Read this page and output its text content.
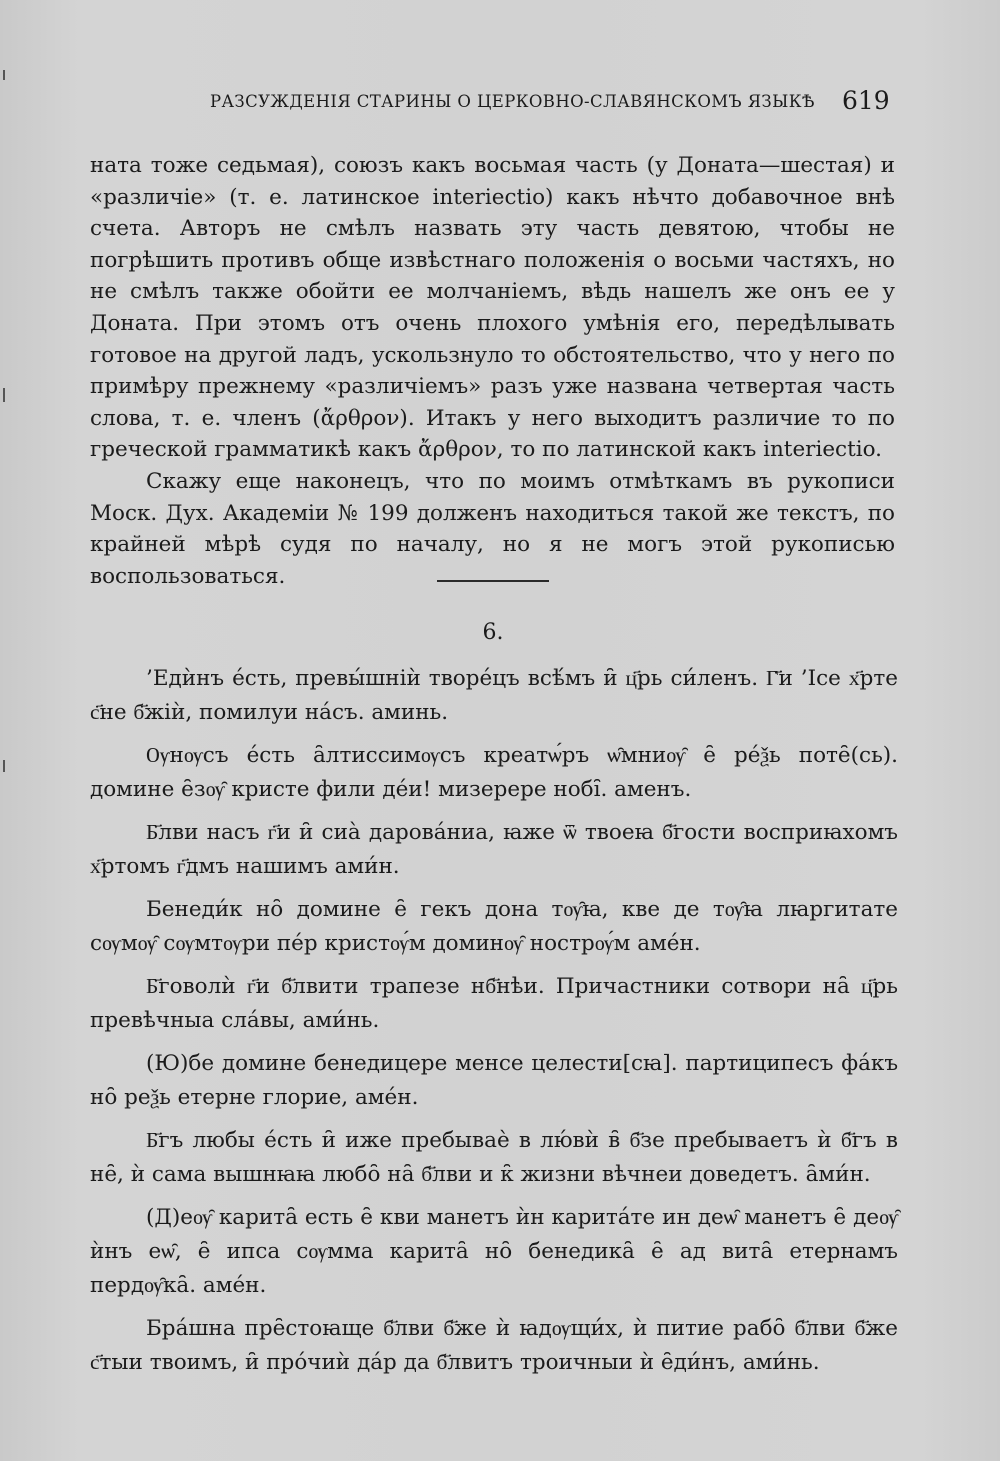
РАЗСУЖДЕНІЯ СТАРИНЫ О ЦЕРКОВНО-СЛАВЯНСКОМЪ ЯЗЫКѢ	619

ната тоже седьмая), союзъ какъ восьмая часть (у Доната—шестая) и «различіе» (т. е. латинское interiectio) какъ нѣчто добавочное внѣ счета. Авторъ не смѣлъ назвать эту часть девятою, чтобы не погрѣшить противъ обще извѣстнаго положенія о восьми частяхъ, но не смѣлъ также обойти ее молчаніемъ, вѣдь нашелъ же онъ ее у Доната. При этомъ отъ очень плохого умѣнія его, передѣлывать готовое на другой ладъ, ускользнуло то обстоятельство, что у него по примѣру прежнему «различіемъ» разъ уже названа четвертая часть слова, т. е. членъ (ἄρθρον). Итакъ у него выходитъ различие то по греческой грамматикѣ какъ ἄρθρον, то по латинской какъ interiectio.

Скажу еще наконецъ, что по моимъ отмѣткамъ въ рукописи Моск. Дух. Академіи № 199 долженъ находиться такой же текстъ, по крайней мѣрѣ судя по началу, но я не могъ этой рукописью воспользоваться.

6.

’Едѝнъ е́сть, превы́шніѝ творе́цъ всѣ́мъ и̑ ц҃рь си́ленъ. Г҃и ’Ісе х҃рте с҃не б҃жіѝ, помилуи на́съ. аминь.

Ѹнѹсъ е́сть а̑лтиссимѹсъ креатѡ́ръ ѡ̑мниѹ̑ е̑ ре́ѯь поте̑(сь). домине е̑зѹ̑ кристе фили де́и! мизерере нобі̑. аменъ.

Б҃лви насъ г҃и и̑ сиа̀ дарова́ниа, ꙗже ѿ твоеꙗ б҃гости восприꙗхомъ х҃ртомъ г҃дмъ нашимъ ами́н.

Бенеди́к но̑ домине е̑ гекъ дона тѹ̑ꙗ, кве де тѹ̑ꙗ лꙗргитате сѹмѹ̑ сѹмтѹри пе́р кристѹ́м доминѹ̑ нострѹ́м аме́н.

Б҃говолѝ г҃и б҃лвити трапезе нб҃нѣи. Причастники сотвори на̑ ц҃рь превѣчныа сла́вы, ами́нь.

(Ю)бе домине бенедицере менсе целести[сꙗ]. партиципесъ фа́къ но̑ реѯь етерне глорие, аме́н.

Б҃гъ любы е́сть и̑ иже пребываѐ в лю́вѝ в̑ б҃зе пребываетъ ѝ б҃гъ в не̑, ѝ сама вышнꙗꙗ любо̑ на̑ б҃лви и к̑ жизни вѣчнеи доведетъ. а̑ми́н.

(Д)еѹ̑ карита̑ есть е̑ кви манетъ ѝн карита́те ин деѡ̑ манетъ е̑ деѹ̑ ѝнъ еѡ̑, е̑ ипса сѹмма карита̑ но̑ бенедика̑ е̑ ад вита̑ етернамъ пердѹ̑ка̑. аме́н.

Бра́шна пре̑стоꙗще б҃лви б҃же ѝ ꙗдѹщи́х, ѝ питие рабо̑ б҃лви б҃же с҃тыи твоимъ, и̑ про́чиѝ да́р да б҃лвитъ троичныи ѝ е̑ди́нъ, ами́нь.
